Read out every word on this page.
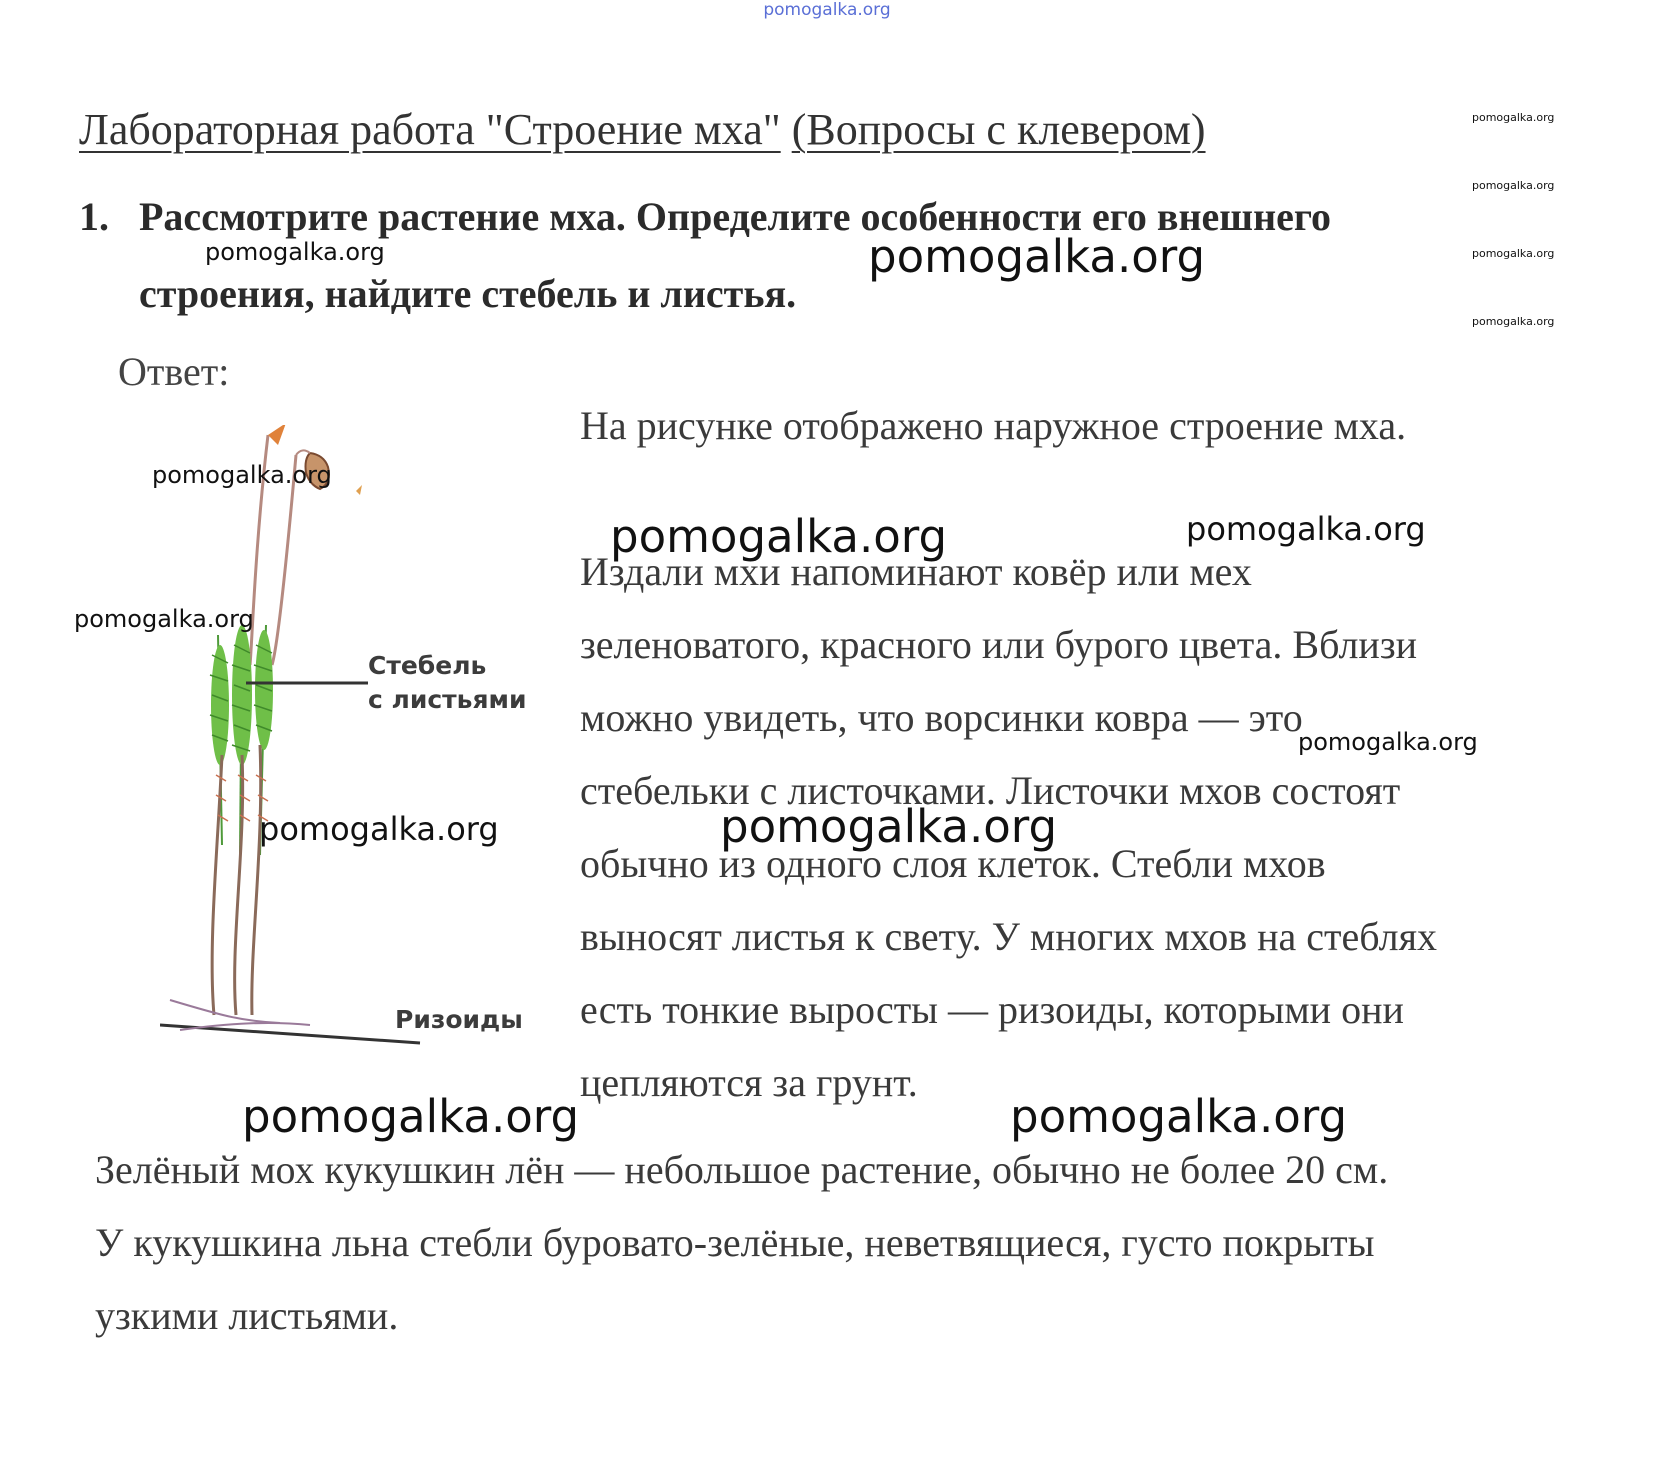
pomogalka.org
Лабораторная работа "Строение мха" (Вопросы с клевером)	pomogalka.org
pomogalka.org
pomogalka.org
pomogalka.org
1. Рассмотрите растение мха. Определите особенности его внешнего
строения, найдите стебель и листья.
pomogalka.org	pomogalka.org
Ответ:
Стебель
с листьями
Ризоиды
pomogalka.org
pomogalka.org
pomogalka.org
На рисунке отображено наружное строение мха.
pomogalka.org	pomogalka.org
Издали мхи напоминают ковёр или мех
зеленоватого, красного или бурого цвета. Вблизи
можно увидеть, что ворсинки ковра — это
стебельки с листочками. Листочки мхов состоят
обычно из одного слоя клеток. Стебли мхов
выносят листья к свету. У многих мхов на стеблях
есть тонкие выросты — ризоиды, которыми они
цепляются за грунт.
pomogalka.org
pomogalka.org
pomogalka.org	pomogalka.org
Зелёный мох кукушкин лён — небольшое растение, обычно не более 20 см.
У кукушкина льна стебли буровато-зелёные, неветвящиеся, густо покрыты
узкими листьями.
